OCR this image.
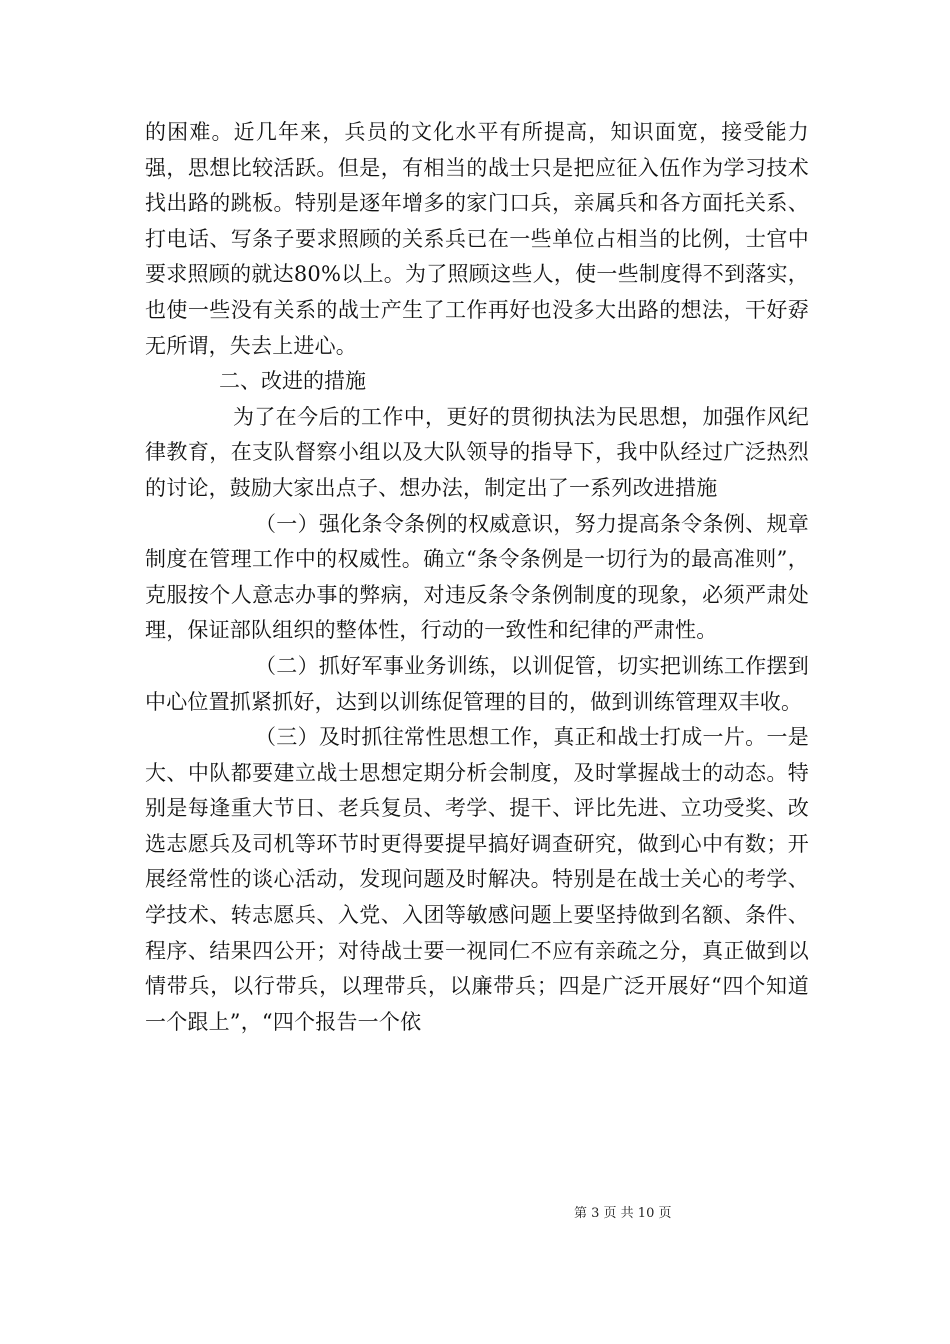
的困难。近几年来，兵员的文化水平有所提高，知识面宽，接受能力强，思想比较活跃。但是，有相当的战士只是把应征入伍作为学习技术找出路的跳板。特别是逐年增多的家门口兵，亲属兵和各方面托关系、打电话、写条子要求照顾的关系兵已在一些单位占相当的比例，士官中要求照顾的就达80%以上。为了照顾这些人，使一些制度得不到落实，也使一些没有关系的战士产生了工作再好也没多大出路的想法，干好孬无所谓，失去上进心。

二、改进的措施

为了在今后的工作中，更好的贯彻执法为民思想，加强作风纪律教育，在支队督察小组以及大队领导的指导下，我中队经过广泛热烈的讨论，鼓励大家出点子、想办法，制定出了一系列改进措施

（一）强化条令条例的权威意识，努力提高条令条例、规章制度在管理工作中的权威性。确立“条令条例是一切行为的最高准则”，克服按个人意志办事的弊病，对违反条令条例制度的现象，必须严肃处理，保证部队组织的整体性，行动的一致性和纪律的严肃性。

（二）抓好军事业务训练，以训促管，切实把训练工作摆到中心位置抓紧抓好，达到以训练促管理的目的，做到训练管理双丰收。

（三）及时抓往常性思想工作，真正和战士打成一片。一是大、中队都要建立战士思想定期分析会制度，及时掌握战士的动态。特别是每逢重大节日、老兵复员、考学、提干、评比先进、立功受奖、改选志愿兵及司机等环节时更得要提早搞好调查研究，做到心中有数；开展经常性的谈心活动，发现问题及时解决。特别是在战士关心的考学、学技术、转志愿兵、入党、入团等敏感问题上要坚持做到名额、条件、程序、结果四公开；对待战士要一视同仁不应有亲疏之分，真正做到以情带兵，以行带兵，以理带兵，以廉带兵；四是广泛开展好“四个知道一个跟上”，“四个报告一个依

第 3 页 共 10 页
